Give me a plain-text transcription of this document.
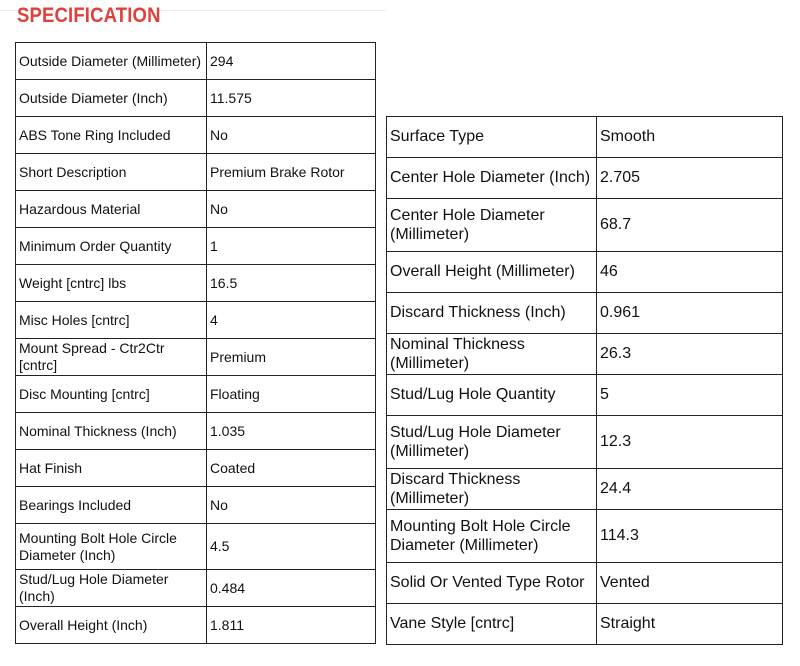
SPECIFICATION
Outside Diameter (Millimeter)	294
Outside Diameter (Inch)	11.575
ABS Tone Ring Included	No
Short Description	Premium Brake Rotor
Hazardous Material	No
Minimum Order Quantity	1
Weight [cntrc] lbs	16.5
Misc Holes [cntrc]	4
Mount Spread - Ctr2Ctr [cntrc]	Premium
Disc Mounting [cntrc]	Floating
Nominal Thickness (Inch)	1.035
Hat Finish	Coated
Bearings Included	No
Mounting Bolt Hole Circle Diameter (Inch)	4.5
Stud/Lug Hole Diameter (Inch)	0.484
Overall Height (Inch)	1.811
Surface Type	Smooth
Center Hole Diameter (Inch)	2.705
Center Hole Diameter (Millimeter)	68.7
Overall Height (Millimeter)	46
Discard Thickness (Inch)	0.961
Nominal Thickness (Millimeter)	26.3
Stud/Lug Hole Quantity	5
Stud/Lug Hole Diameter (Millimeter)	12.3
Discard Thickness (Millimeter)	24.4
Mounting Bolt Hole Circle Diameter (Millimeter)	114.3
Solid Or Vented Type Rotor	Vented
Vane Style [cntrc]	Straight
